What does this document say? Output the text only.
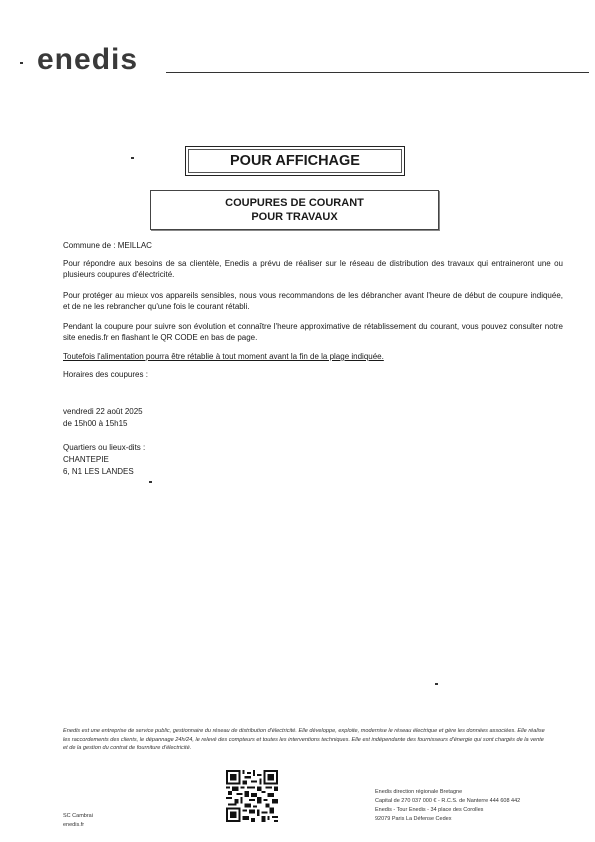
enedis
POUR AFFICHAGE
COUPURES DE COURANT
POUR TRAVAUX
Commune de : MEILLAC
Pour répondre aux besoins de sa clientèle, Enedis a prévu de réaliser sur le réseau de distribution des travaux qui entraineront une ou plusieurs coupures d'électricité.
Pour protéger au mieux vos appareils sensibles, nous vous recommandons de les débrancher avant l'heure de début de coupure indiquée, et de ne les rebrancher qu'une fois le courant rétabli.
Pendant la coupure pour suivre son évolution et connaître l'heure approximative de rétablissement du courant, vous pouvez consulter notre site enedis.fr en flashant le QR CODE en bas de page.
Toutefois l'alimentation pourra être rétablie à tout moment avant la fin de la plage indiquée.
Horaires des coupures :
vendredi 22 août 2025
de 15h00 à 15h15
Quartiers ou lieux-dits :
CHANTEPIE
6, N1 LES LANDES
Enedis est une entreprise de service public, gestionnaire du réseau de distribution d'électricité. Elle développe, exploite, modernise le réseau électrique et gère les données associées. Elle réalise les raccordements des clients, le dépannage 24h/24, le relevé des compteurs et toutes les interventions techniques. Elle est indépendante des fournisseurs d'énergie qui sont chargés de la vente et de la gestion du contrat de fourniture d'électricité.
SC Cambrai
enedis.fr
Enedis direction régionale Bretagne
Capital de 270 037 000 € - R.C.S. de Nanterre 444 608 442
Enedis - Tour Enedis - 34 place des Corolles
92079 Paris La Défense Cedex
